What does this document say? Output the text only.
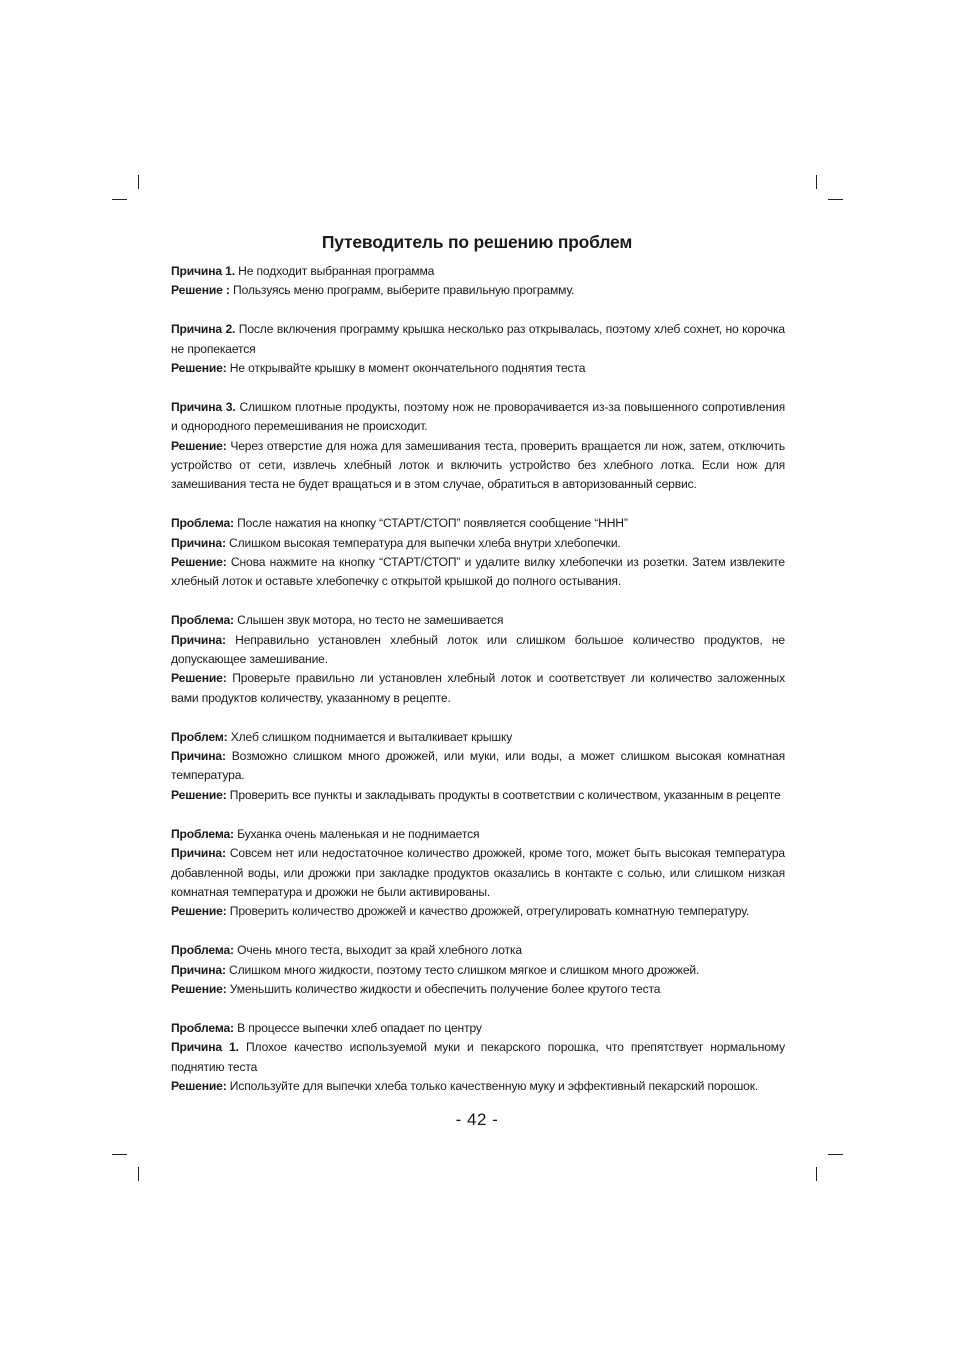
Путеводитель по решению проблем
Причина 1. Не подходит выбранная программа
Решение : Пользуясь меню программ, выберите правильную программу.
Причина 2. После включения программу крышка несколько раз открывалась, поэтому хлеб сохнет, но корочка не пропекается
Решение: Не открывайте крышку в момент окончательного поднятия теста
Причина 3. Слишком плотные продукты, поэтому нож не проворачивается из-за повышенного сопротивления и однородного перемешивания не происходит.
Решение: Через отверстие для ножа для замешивания теста, проверить вращается ли нож, затем, отключить устройство от сети, извлечь хлебный лоток и включить устройство без хлебного лотка. Если нож для замешивания теста не будет вращаться и в этом случае, обратиться в авторизованный сервис.
Проблема: После нажатия на кнопку “СТАРТ/СТОП” появляется сообщение “HHH”
Причина: Слишком высокая температура для выпечки хлеба внутри хлебопечки.
Решение: Снова нажмите на кнопку “СТАРТ/СТОП” и удалите вилку хлебопечки из розетки. Затем извлеките хлебный лоток и оставьте хлебопечку с открытой крышкой до полного остывания.
Проблема: Слышен звук мотора, но тесто не замешивается
Причина: Неправильно установлен хлебный лоток или слишком большое количество продуктов, не допускающее замешивание.
Решение: Проверьте правильно ли установлен хлебный лоток и соответствует ли количество заложенных вами продуктов количеству, указанному в рецепте.
Проблем: Хлеб слишком поднимается и выталкивает крышку
Причина: Возможно слишком много дрожжей, или муки, или воды, а может слишком высокая комнатная температура.
Решение: Проверить все пункты и закладывать продукты в соответствии с количеством, указанным в рецепте
Проблема: Буханка очень маленькая и не поднимается
Причина: Совсем нет или недостаточное количество дрожжей, кроме того, может быть высокая температура добавленной воды, или дрожжи при закладке продуктов оказались в контакте с солью, или слишком низкая комнатная температура и дрожжи не были активированы.
Решение: Проверить количество дрожжей и качество дрожжей, отрегулировать комнатную температуру.
Проблема: Очень много теста, выходит за край хлебного лотка
Причина: Слишком много жидкости, поэтому тесто слишком мягкое и слишком много дрожжей.
Решение: Уменьшить количество жидкости и обеспечить получение более крутого теста
Проблема: В процессе выпечки хлеб опадает по центру
Причина 1. Плохое качество используемой муки и пекарского порошка, что препятствует нормальному поднятию теста
Решение: Используйте для выпечки хлеба только качественную муку и эффективный пекарский порошок.
- 42 -
